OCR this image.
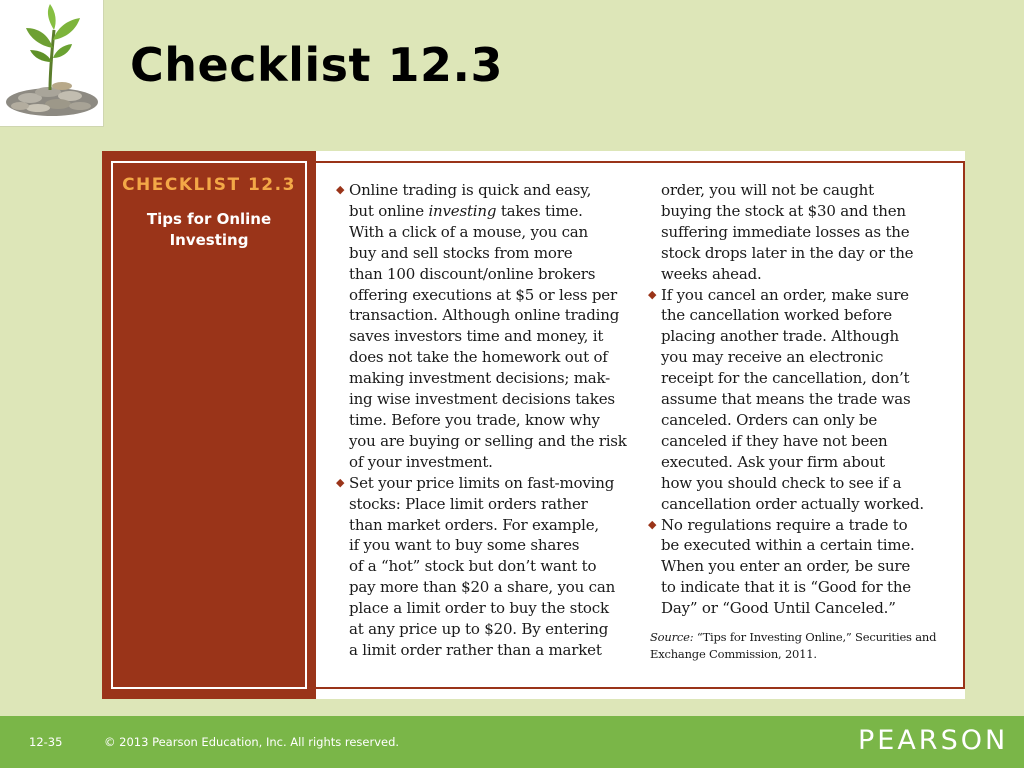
Checklist 12.3
CHECKLIST 12.3
Tips for Online
Investing
◆ Online trading is quick and easy,
but online investing takes time.
With a click of a mouse, you can
buy and sell stocks from more
than 100 discount/online brokers
offering executions at $5 or less per
transaction. Although online trading
saves investors time and money, it
does not take the homework out of
making investment decisions; mak-
ing wise investment decisions takes
time. Before you trade, know why
you are buying or selling and the risk
of your investment.
◆ Set your price limits on fast-moving
stocks: Place limit orders rather
than market orders. For example,
if you want to buy some shares
of a “hot” stock but don’t want to
pay more than $20 a share, you can
place a limit order to buy the stock
at any price up to $20. By entering
a limit order rather than a market
order, you will not be caught
buying the stock at $30 and then
suffering immediate losses as the
stock drops later in the day or the
weeks ahead.
◆ If you cancel an order, make sure
the cancellation worked before
placing another trade. Although
you may receive an electronic
receipt for the cancellation, don’t
assume that means the trade was
canceled. Orders can only be
canceled if they have not been
executed. Ask your firm about
how you should check to see if a
cancellation order actually worked.
◆ No regulations require a trade to
be executed within a certain time.
When you enter an order, be sure
to indicate that it is “Good for the
Day” or “Good Until Canceled.”
Source: “Tips for Investing Online,” Securities and
Exchange Commission, 2011.
12-35	© 2013 Pearson Education, Inc. All rights reserved.	PEARSON
